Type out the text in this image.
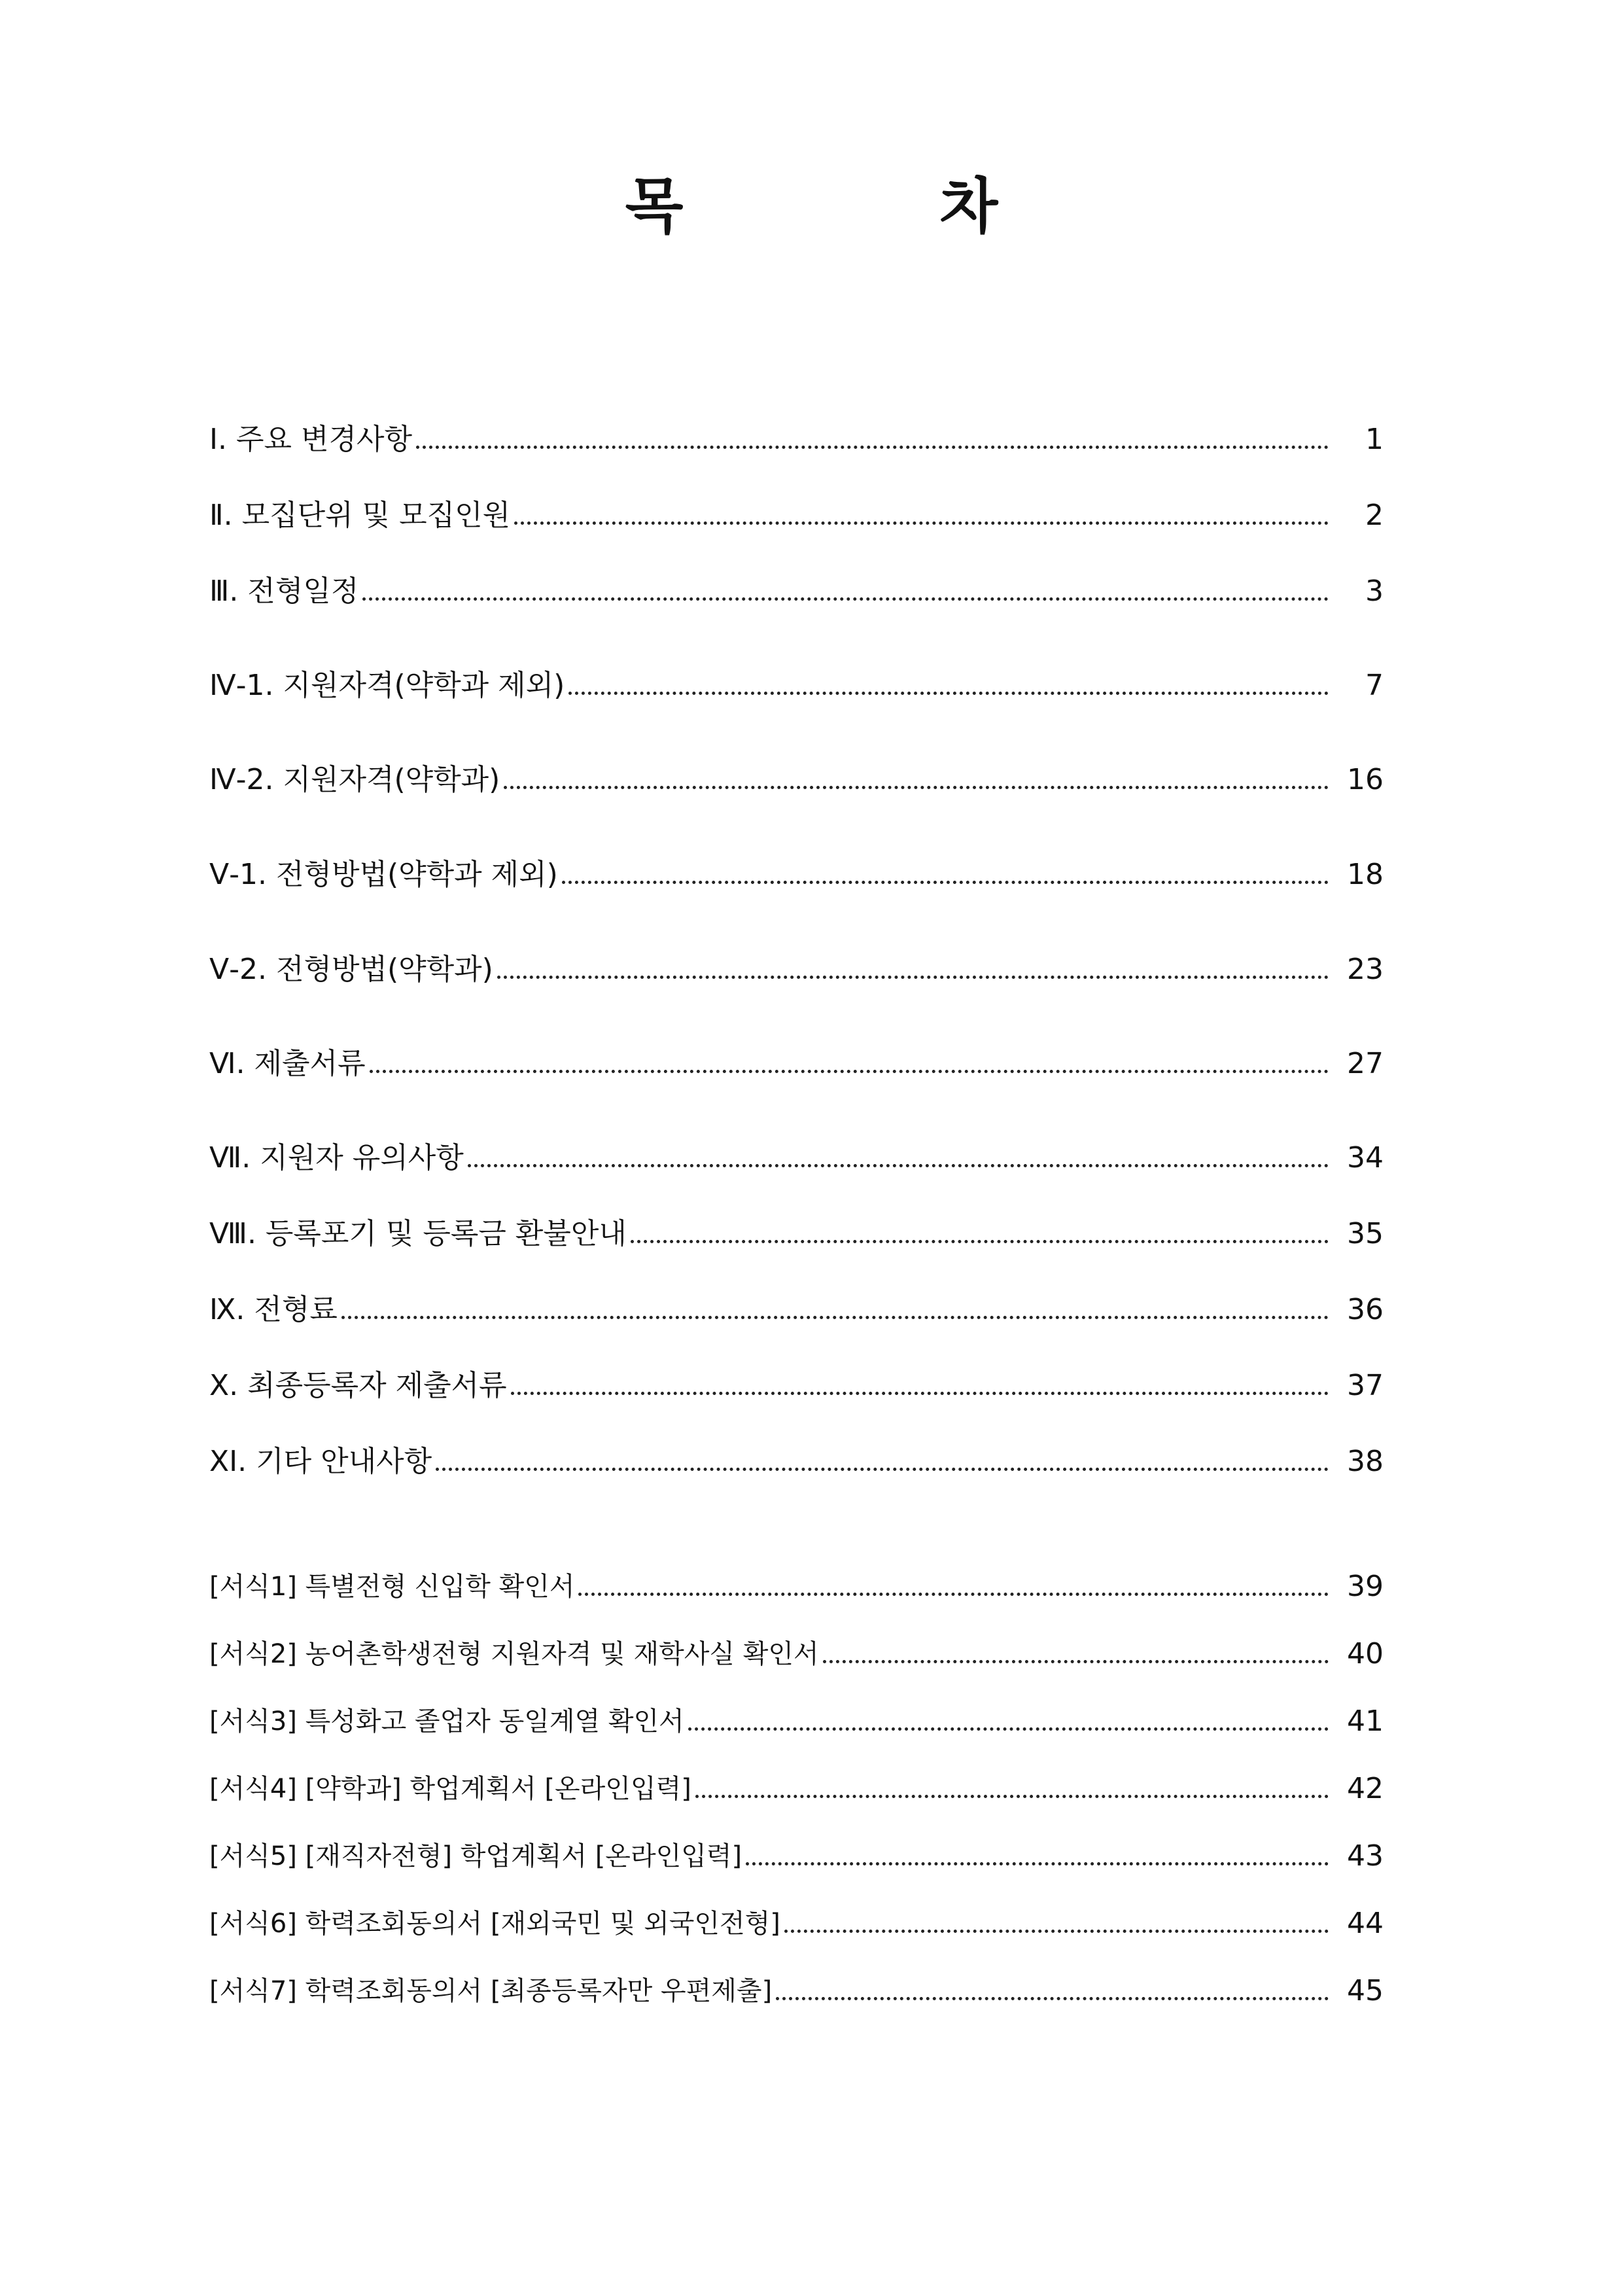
목 차
Ⅰ. 주요 변경사항	1
Ⅱ. 모집단위 및 모집인원	2
Ⅲ. 전형일정	3
Ⅳ-1. 지원자격(약학과 제외)	7
Ⅳ-2. 지원자격(약학과)	16
Ⅴ-1. 전형방법(약학과 제외)	18
Ⅴ-2. 전형방법(약학과)	23
Ⅵ. 제출서류	27
Ⅶ. 지원자 유의사항	34
Ⅷ. 등록포기 및 등록금 환불안내	35
Ⅸ. 전형료	36
Ⅹ. 최종등록자 제출서류	37
ⅩⅠ. 기타 안내사항	38
[서식1] 특별전형 신입학 확인서	39
[서식2] 농어촌학생전형 지원자격 및 재학사실 확인서	40
[서식3] 특성화고 졸업자 동일계열 확인서	41
[서식4] [약학과] 학업계획서 [온라인입력]	42
[서식5] [재직자전형] 학업계획서 [온라인입력]	43
[서식6] 학력조회동의서 [재외국민 및 외국인전형]	44
[서식7] 학력조회동의서 [최종등록자만 우편제출]	45
